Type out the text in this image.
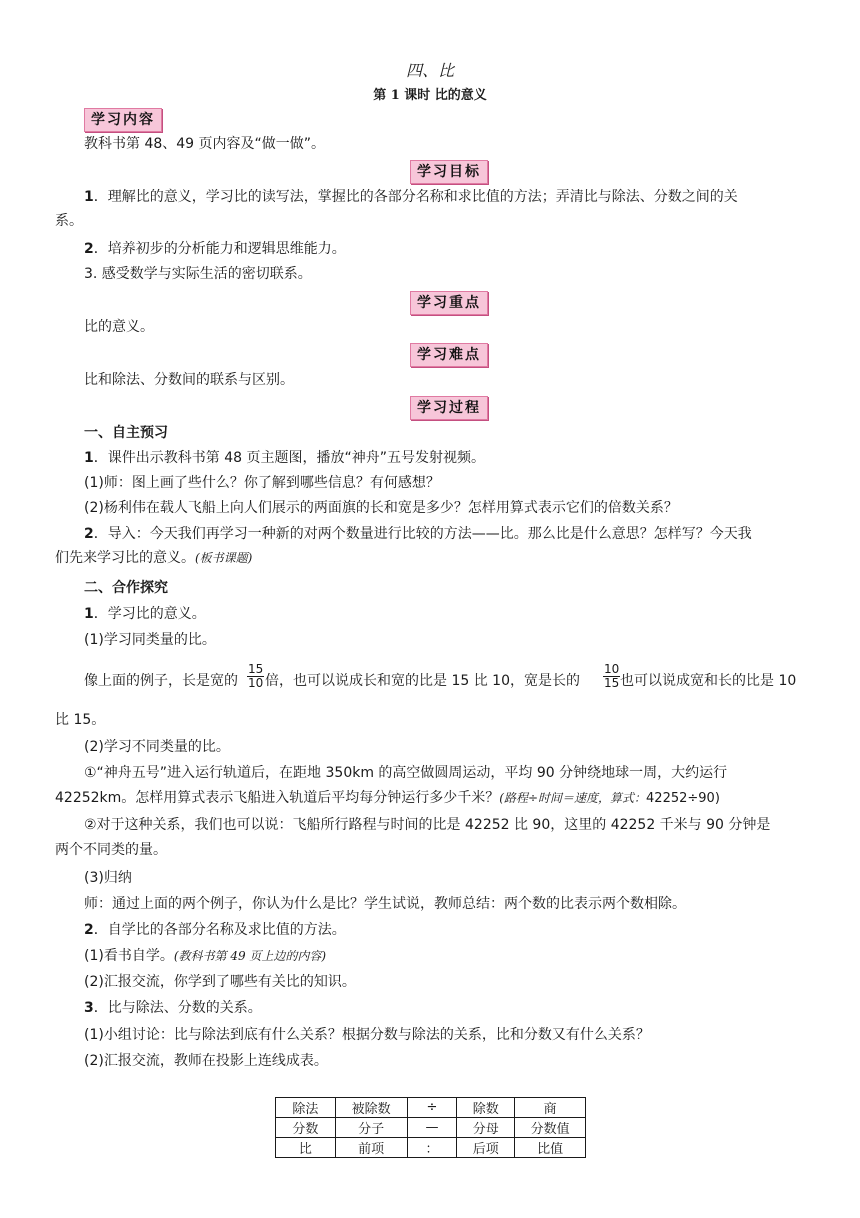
四、比
第 1 课时 比的意义
学习内容
教科书第 48、49 页内容及“做一做”。
学习目标
1．理解比的意义，学习比的读写法，掌握比的各部分名称和求比值的方法；弄清比与除法、分数之间的关
系。
2．培养初步的分析能力和逻辑思维能力。
3. 感受数学与实际生活的密切联系。
学习重点
比的意义。
学习难点
比和除法、分数间的联系与区别。
学习过程
一、自主预习
1．课件出示教科书第 48 页主题图，播放“神舟”五号发射视频。
(1)师：图上画了些什么？你了解到哪些信息？有何感想？
(2)杨利伟在载人飞船上向人们展示的两面旗的长和宽是多少？怎样用算式表示它们的倍数关系？
2．导入：今天我们再学习一种新的对两个数量进行比较的方法——比。那么比是什么意思？怎样写？今天我
们先来学习比的意义。(板书课题)
二、合作探究
1．学习比的意义。
(1)学习同类量的比。
像上面的例子，长是宽的 $\frac{15}{10}$ 倍，也可以说成长和宽的比是 15 比 10，宽是长的 $\frac{10}{15}$ 也可以说成宽和长的比是 10
比 15。
(2)学习不同类量的比。
①“神舟五号”进入运行轨道后，在距地 350km 的高空做圆周运动，平均 90 分钟绕地球一周，大约运行
42252km。怎样用算式表示飞船进入轨道后平均每分钟运行多少千米？(路程÷时间＝速度，算式：42252÷90)
②对于这种关系，我们也可以说：飞船所行路程与时间的比是 42252 比 90，这里的 42252 千米与 90 分钟是
两个不同类的量。
(3)归纳
师：通过上面的两个例子，你认为什么是比？学生试说，教师总结：两个数的比表示两个数相除。
2．自学比的各部分名称及求比值的方法。
(1)看书自学。(教科书第 49 页上边的内容)
(2)汇报交流，你学到了哪些有关比的知识。
3．比与除法、分数的关系。
(1)小组讨论：比与除法到底有什么关系？根据分数与除法的关系，比和分数又有什么关系？
(2)汇报交流，教师在投影上连线成表。
除法	被除数	÷	除数	商
分数	分子	—	分母	分数值
比	前项	：	后项	比值
